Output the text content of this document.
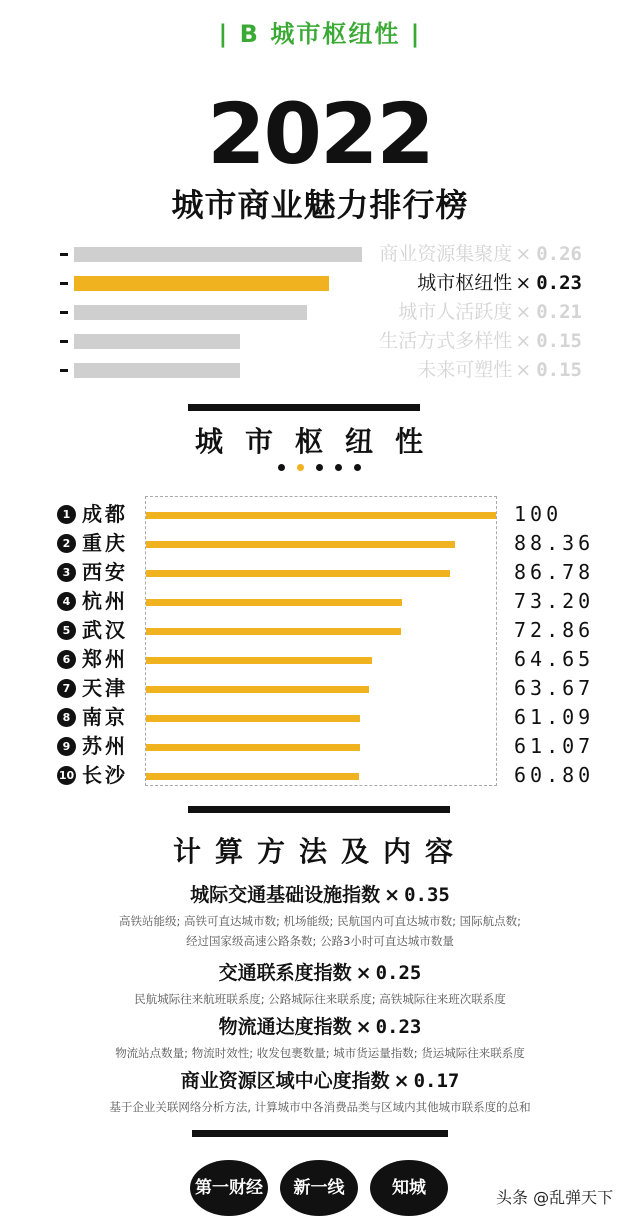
| B 城市枢纽性 |
2022
城市商业魅力排行榜
商业资源集聚度 × 0.26
城市枢纽性 × 0.23
城市人活跃度 × 0.21
生活方式多样性 × 0.15
未来可塑性 × 0.15
城市枢纽性
1 成都	100
2 重庆	88.36
3 西安	86.78
4 杭州	73.20
5 武汉	72.86
6 郑州	64.65
7 天津	63.67
8 南京	61.09
9 苏州	61.07
10 长沙	60.80
计算方法及内容
城际交通基础设施指数 × 0.35
高铁站能级; 高铁可直达城市数; 机场能级; 民航国内可直达城市数; 国际航点数;
经过国家级高速公路条数; 公路3小时可直达城市数量
交通联系度指数 × 0.25
民航城际往来航班联系度; 公路城际往来联系度; 高铁城际往来班次联系度
物流通达度指数 × 0.23
物流站点数量; 物流时效性; 收发包裹数量; 城市货运量指数; 货运城际往来联系度
商业资源区域中心度指数 × 0.17
基于企业关联网络分析方法, 计算城市中各消费品类与区域内其他城市联系度的总和
第一财经	新一线	知城	头条 @乱弹天下
